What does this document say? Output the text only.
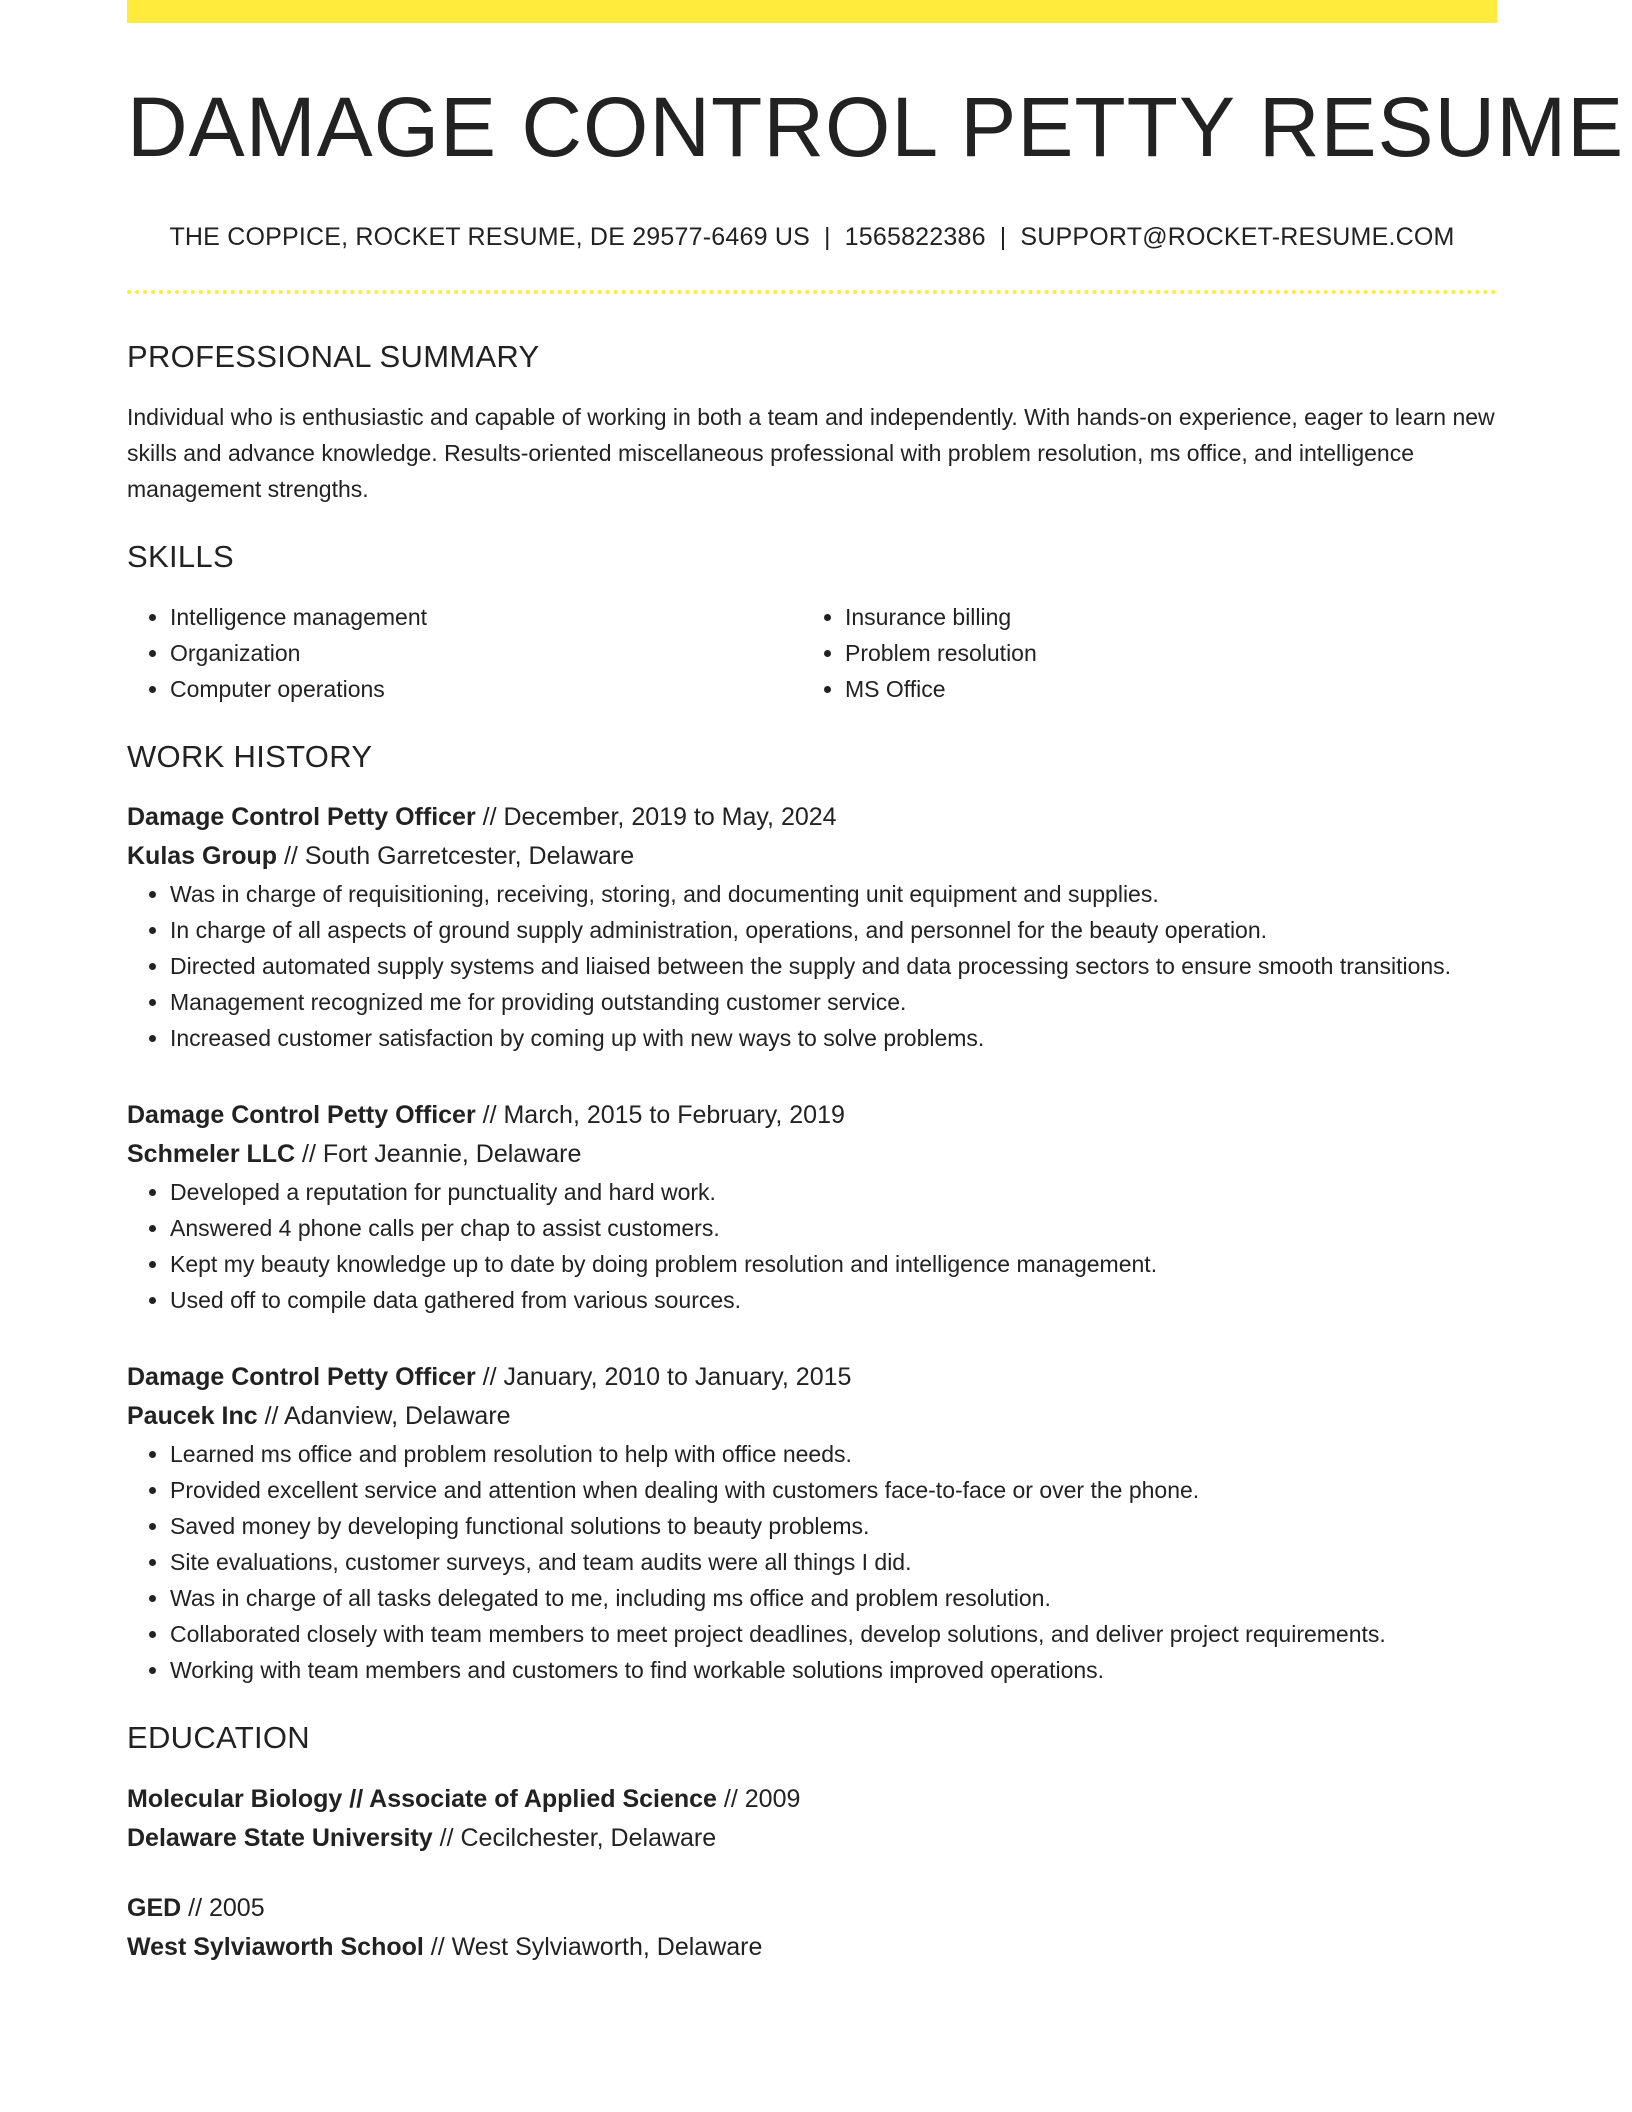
DAMAGE CONTROL PETTY RESUME
THE COPPICE, ROCKET RESUME, DE 29577-6469 US | 1565822386 | SUPPORT@ROCKET-RESUME.COM
PROFESSIONAL SUMMARY

Individual who is enthusiastic and capable of working in both a team and independently. With hands-on experience, eager to learn new skills and advance knowledge. Results-oriented miscellaneous professional with problem resolution, ms office, and intelligence management strengths.

SKILLS
• Intelligence management
• Organization
• Computer operations
• Insurance billing
• Problem resolution
• MS Office
WORK HISTORY
Damage Control Petty Officer // December, 2019 to May, 2024
Kulas Group // South Garretcester, Delaware
• Was in charge of requisitioning, receiving, storing, and documenting unit equipment and supplies.
• In charge of all aspects of ground supply administration, operations, and personnel for the beauty operation.
• Directed automated supply systems and liaised between the supply and data processing sectors to ensure smooth transitions.
• Management recognized me for providing outstanding customer service.
• Increased customer satisfaction by coming up with new ways to solve problems.
Damage Control Petty Officer // March, 2015 to February, 2019
Schmeler LLC // Fort Jeannie, Delaware
• Developed a reputation for punctuality and hard work.
• Answered 4 phone calls per chap to assist customers.
• Kept my beauty knowledge up to date by doing problem resolution and intelligence management.
• Used off to compile data gathered from various sources.
Damage Control Petty Officer // January, 2010 to January, 2015
Paucek Inc // Adanview, Delaware
• Learned ms office and problem resolution to help with office needs.
• Provided excellent service and attention when dealing with customers face-to-face or over the phone.
• Saved money by developing functional solutions to beauty problems.
• Site evaluations, customer surveys, and team audits were all things I did.
• Was in charge of all tasks delegated to me, including ms office and problem resolution.
• Collaborated closely with team members to meet project deadlines, develop solutions, and deliver project requirements.
• Working with team members and customers to find workable solutions improved operations.
EDUCATION
Molecular Biology // Associate of Applied Science // 2009
Delaware State University // Cecilchester, Delaware
GED // 2005
West Sylviaworth School // West Sylviaworth, Delaware
